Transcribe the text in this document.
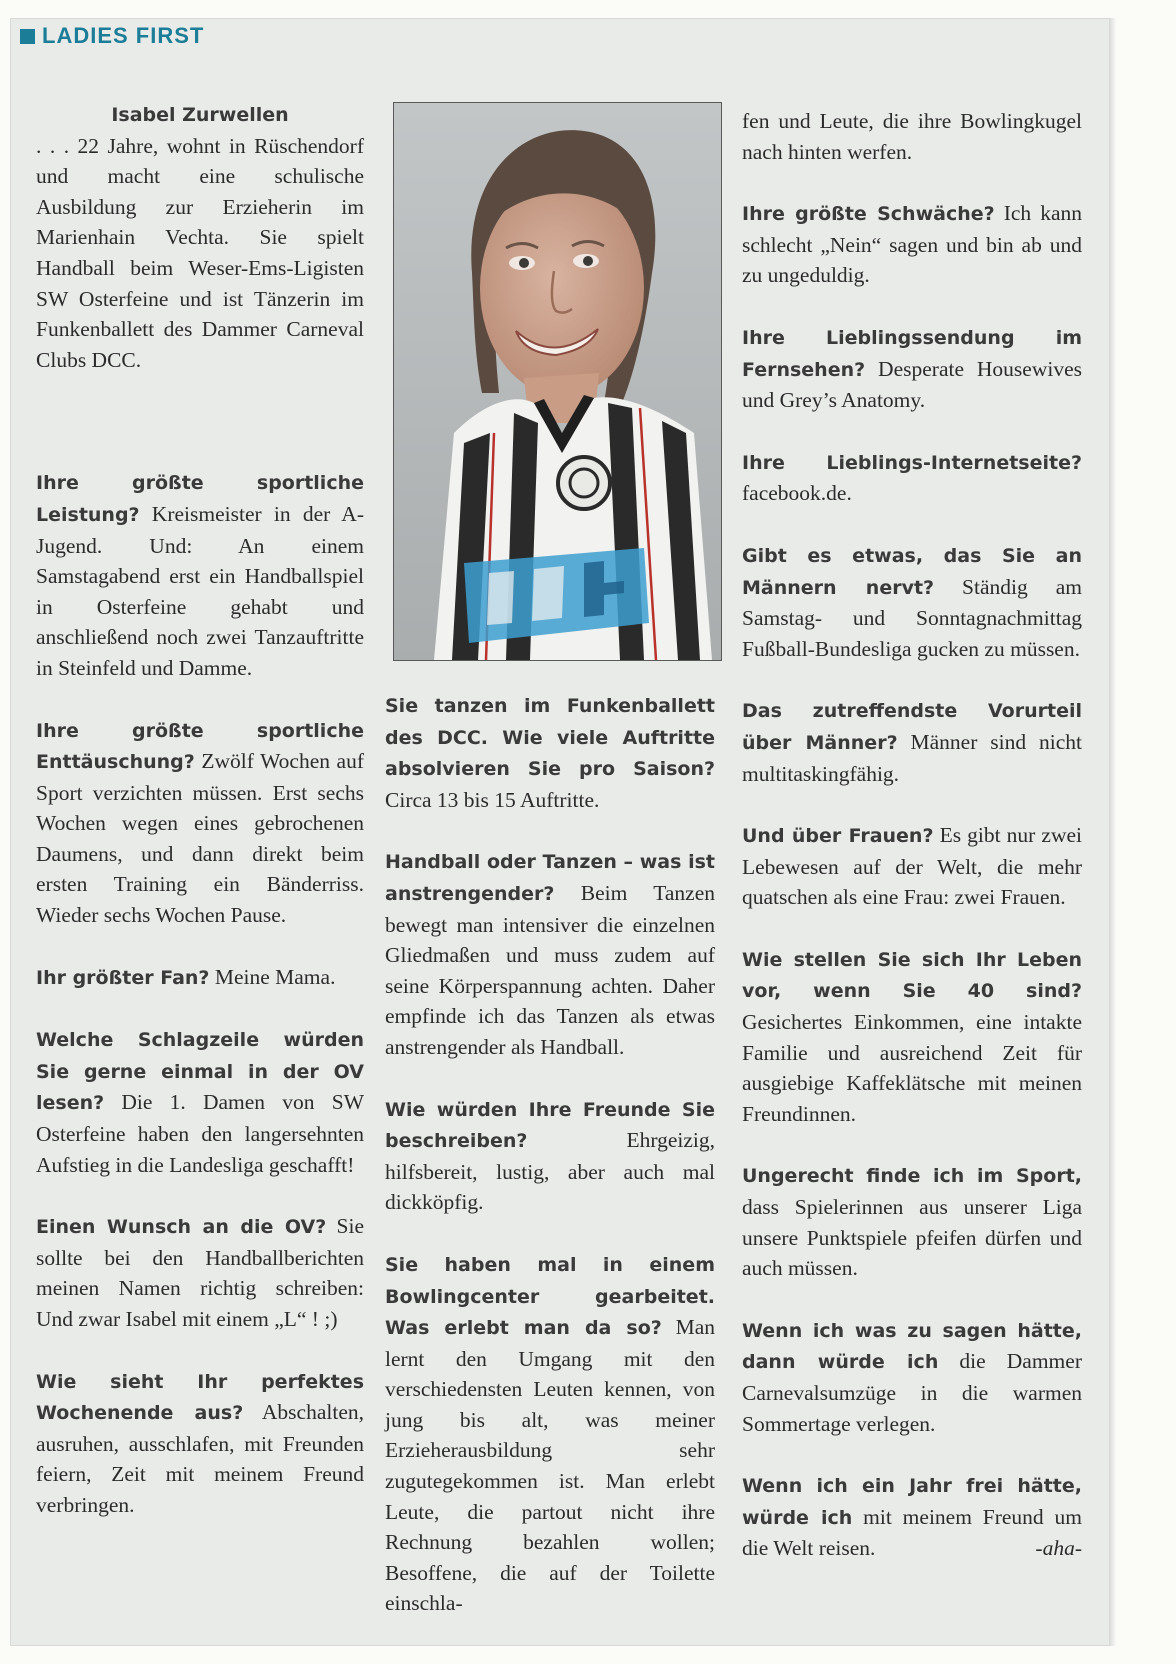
LADIES FIRST

Isabel Zurwellen

. . . 22 Jahre, wohnt in Rüschendorf und macht eine schulische Ausbildung zur Erzieherin im Marienhain Vechta. Sie spielt Handball beim Weser-Ems-Ligisten SW Osterfeine und ist Tänzerin im Funkenballett des Dammer Carneval Clubs DCC.

Ihre größte sportliche Leistung? Kreismeister in der A-Jugend. Und: An einem Samstagabend erst ein Handballspiel in Osterfeine gehabt und anschließend noch zwei Tanzauftritte in Steinfeld und Damme.

Ihre größte sportliche Enttäuschung? Zwölf Wochen auf Sport verzichten müssen. Erst sechs Wochen wegen eines gebrochenen Daumens, und dann direkt beim ersten Training ein Bänderriss. Wieder sechs Wochen Pause.

Ihr größter Fan? Meine Mama.

Welche Schlagzeile würden Sie gerne einmal in der OV lesen? Die 1. Damen von SW Osterfeine haben den langersehnten Aufstieg in die Landesliga geschafft!

Einen Wunsch an die OV? Sie sollte bei den Handballberichten meinen Namen richtig schreiben: Und zwar Isabel mit einem „L“ ! ;)

Wie sieht Ihr perfektes Wochenende aus? Abschalten, ausruhen, ausschlafen, mit Freunden feiern, Zeit mit meinem Freund verbringen.

Sie tanzen im Funkenballett des DCC. Wie viele Auftritte absolvieren Sie pro Saison? Circa 13 bis 15 Auftritte.

Handball oder Tanzen – was ist anstrengender? Beim Tanzen bewegt man intensiver die einzelnen Gliedmaßen und muss zudem auf seine Körperspannung achten. Daher empfinde ich das Tanzen als etwas anstrengender als Handball.

Wie würden Ihre Freunde Sie beschreiben? Ehrgeizig, hilfsbereit, lustig, aber auch mal dickköpfig.

Sie haben mal in einem Bowlingcenter gearbeitet. Was erlebt man da so? Man lernt den Umgang mit den verschiedensten Leuten kennen, von jung bis alt, was meiner Erzieherausbildung sehr zugutegekommen ist. Man erlebt Leute, die partout nicht ihre Rechnung bezahlen wollen; Besoffene, die auf der Toilette einschla-

fen und Leute, die ihre Bowlingkugel nach hinten werfen.

Ihre größte Schwäche? Ich kann schlecht „Nein“ sagen und bin ab und zu ungeduldig.

Ihre Lieblingssendung im Fernsehen? Desperate Housewives und Grey’s Anatomy.

Ihre Lieblings-Internetseite? facebook.de.

Gibt es etwas, das Sie an Männern nervt? Ständig am Samstag- und Sonntagnachmittag Fußball-Bundesliga gucken zu müssen.

Das zutreffendste Vorurteil über Männer? Männer sind nicht multitaskingfähig.

Und über Frauen? Es gibt nur zwei Lebewesen auf der Welt, die mehr quatschen als eine Frau: zwei Frauen.

Wie stellen Sie sich Ihr Leben vor, wenn Sie 40 sind? Gesichertes Einkommen, eine intakte Familie und ausreichend Zeit für ausgiebige Kaffeklätsche mit meinen Freundinnen.

Ungerecht finde ich im Sport, dass Spielerinnen aus unserer Liga unsere Punktspiele pfeifen dürfen und auch müssen.

Wenn ich was zu sagen hätte, dann würde ich die Dammer Carnevalsumzüge in die warmen Sommertage verlegen.

Wenn ich ein Jahr frei hätte, würde ich mit meinem Freund um die Welt reisen.	-aha-
